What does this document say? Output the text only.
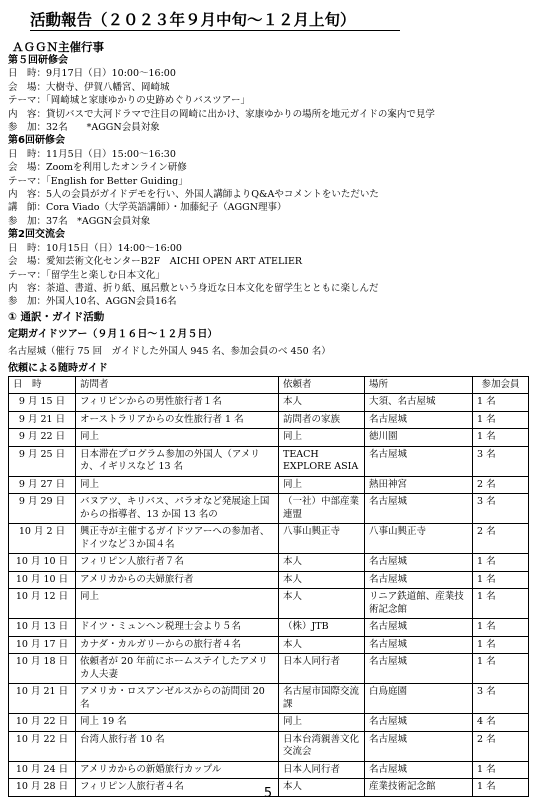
活動報告（２０２３年９月中旬〜１２月上旬）
ＡＧＧＮ主催行事
第５回研修会
日　時：9月17日（日）10:00〜16:00
会　場：大樹寺、伊賀八幡宮、岡崎城
テーマ：「岡崎城と家康ゆかりの史跡めぐりバスツアー」
内　容：貸切バスで大河ドラマで注目の岡崎に出かけ、家康ゆかりの場所を地元ガイドの案内で見学
参　加：32名　　*AGGN会員対象
第6回研修会
日　時：11月5日（日）15:00〜16:30
会　場：Zoomを利用したオンライン研修
テーマ：「English for Better Guiding」
内　容：5人の会員がガイドデモを行い、外国人講師よりQ&Aやコメントをいただいた
講　師：Cora Viado（大学英語講師）・加藤紀子（AGGN理事）
参　加：37名　*AGGN会員対象
第2回交流会
日　時：10月15日（日）14:00〜16:00
会　場：愛知芸術文化センターB2F　AICHI OPEN ART ATELIER
テーマ：「留学生と楽しむ日本文化」
内　容：茶道、書道、折り紙、風呂敷という身近な日本文化を留学生とともに楽しんだ
参　加：外国人10名、AGGN会員16名
① 通訳・ガイド活動
定期ガイドツアー（９月１６日〜１２月５日）
名古屋城（催行 75 回　ガイドした外国人 945 名、参加会員のべ 450 名）
依頼による随時ガイド
日　時	訪問者	依頼者	場所	参加会員
9 月 15 日	フィリピンからの男性旅行者１名	本人	大須、名古屋城	1 名
9 月 21 日	オーストラリアからの女性旅行者 1 名	訪問者の家族	名古屋城	1 名
9 月 22 日	同上	同上	徳川園	1 名
9 月 25 日	日本滞在プログラム参加の外国人（アメリカ、イギリスなど 13 名	TEACH EXPLORE ASIA	名古屋城	3 名
9 月 27 日	同上	同上	熱田神宮	2 名
9 月 29 日	バヌアツ、キリバス、パラオなど発展途上国からの指導者、13 か国 13 名の	（一社）中部産業連盟	名古屋城	3 名
10 月 2 日	興正寺が主催するガイドツアーへの参加者、ドイツなど３か国４名	八事山興正寺	八事山興正寺	2 名
10 月 10 日	フィリピン人旅行者７名	本人	名古屋城	1 名
10 月 10 日	アメリカからの夫婦旅行者	本人	名古屋城	1 名
10 月 12 日	同上	本人	リニア鉄道館、産業技術記念館	1 名
10 月 13 日	ドイツ・ミュンヘン税理士会より５名	（株）JTB	名古屋城	1 名
10 月 17 日	カナダ・カルガリーからの旅行者４名	本人	名古屋城	1 名
10 月 18 日	依頼者が 20 年前にホームステイしたアメリカ人夫妻	日本人同行者	名古屋城	1 名
10 月 21 日	アメリカ・ロスアンゼルスからの訪問団 20 名	名古屋市国際交流課	白鳥庭園	3 名
10 月 22 日	同上 19 名	同上	名古屋城	4 名
10 月 22 日	台湾人旅行者 10 名	日本台湾親善文化交流会	名古屋城	2 名
10 月 24 日	アメリカからの新婚旅行カップル	日本人同行者	名古屋城	1 名
10 月 28 日	フィリピン人旅行者４名	本人	産業技術記念館	1 名
5
